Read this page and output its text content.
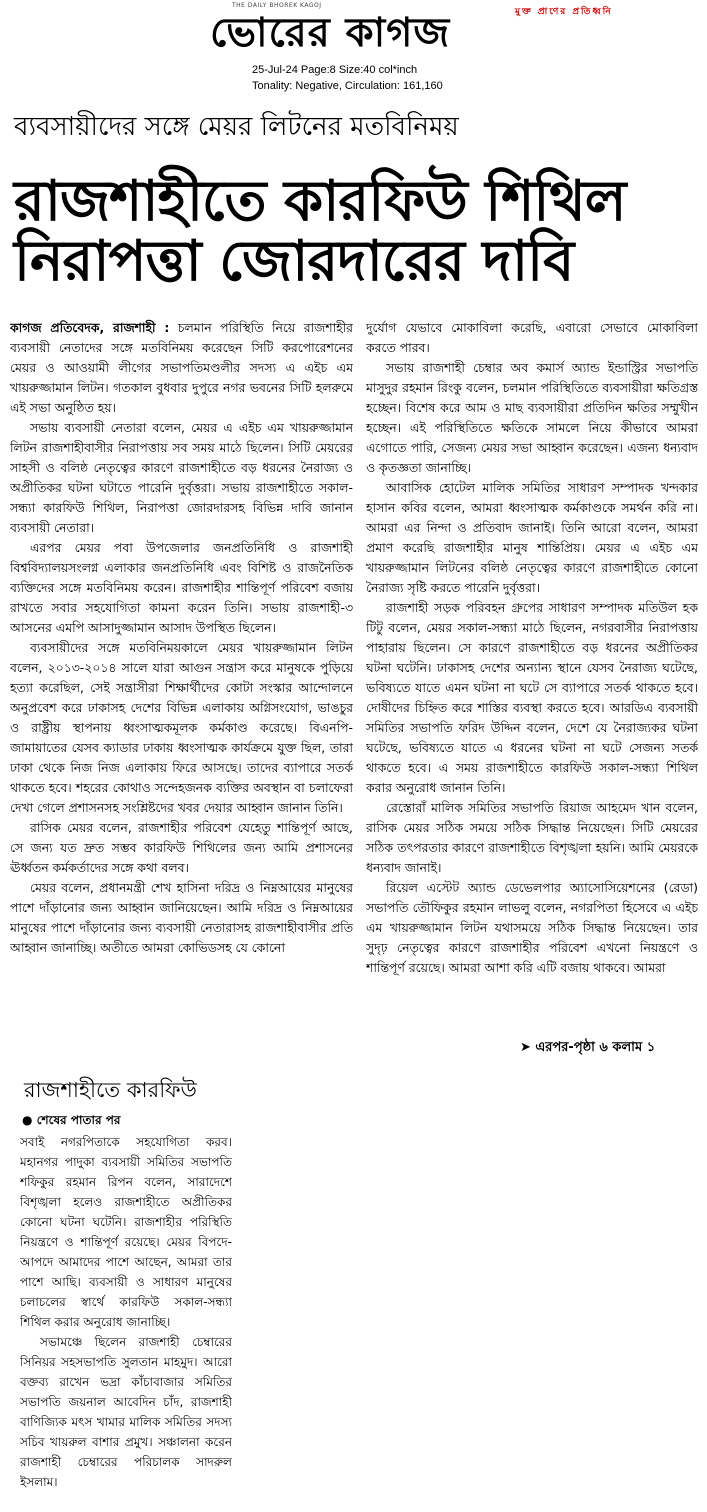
মুক্ত প্রাণের প্রতিধ্বনি
THE DAILY BHOREK KAGOJ
ভোরের কাগজ
25-Jul-24 Page:8 Size:40 col*inch
Tonality: Negative, Circulation: 161,160
ব্যবসায়ীদের সঙ্গে মেয়র লিটনের মতবিনিময়
রাজশাহীতে কারফিউ শিথিল
নিরাপত্তা জোরদারের দাবি

কাগজ প্রতিবেদক, রাজশাহী : চলমান পরিস্থিতি নিয়ে রাজশাহীর ব্যবসায়ী নেতাদের সঙ্গে মতবিনিময় করেছেন সিটি করপোরেশনের মেয়র ও আওয়ামী লীগের সভাপতিমণ্ডলীর সদস্য এ এইচ এম খায়রুজ্জামান লিটন। গতকাল বুধবার দুপুরে নগর ভবনের সিটি হলরুমে এই সভা অনুষ্ঠিত হয়।

সভায় ব্যবসায়ী নেতারা বলেন, মেয়র এ এইচ এম খায়রুজ্জামান লিটন রাজশাহীবাসীর নিরাপত্তায় সব সময় মাঠে ছিলেন। সিটি মেয়রের সাহসী ও বলিষ্ঠ নেতৃত্বের কারণে রাজশাহীতে বড় ধরনের নৈরাজ্য ও অপ্রীতিকর ঘটনা ঘটাতে পারেনি দুর্বৃত্তরা। সভায় রাজশাহীতে সকাল-সন্ধ্যা কারফিউ শিথিল, নিরাপত্তা জোরদারসহ বিভিন্ন দাবি জানান ব্যবসায়ী নেতারা।

এরপর মেয়র পবা উপজেলার জনপ্রতিনিধি ও রাজশাহী বিশ্ববিদ্যালয়সংলগ্ন এলাকার জনপ্রতিনিধি এবং বিশিষ্ট ও রাজনৈতিক ব্যক্তিদের সঙ্গে মতবিনিময় করেন। রাজশাহীর শান্তিপূর্ণ পরিবেশ বজায় রাখতে সবার সহযোগিতা কামনা করেন তিনি। সভায় রাজশাহী-৩ আসনের এমপি আসাদুজ্জামান আসাদ উপস্থিত ছিলেন।

ব্যবসায়ীদের সঙ্গে মতবিনিময়কালে মেয়র খায়রুজ্জামান লিটন বলেন, ২০১৩-২০১৪ সালে যারা আগুন সন্ত্রাস করে মানুষকে পুড়িয়ে হত্যা করেছিল, সেই সন্ত্রাসীরা শিক্ষার্থীদের কোটা সংস্কার আন্দোলনে অনুপ্রবেশ করে ঢাকাসহ দেশের বিভিন্ন এলাকায় অগ্নিসংযোগ, ভাঙচুর ও রাষ্ট্রীয় স্থাপনায় ধ্বংসাত্মকমূলক কর্মকাণ্ড করেছে। বিএনপি-জামায়াতের যেসব ক্যাডার ঢাকায় ধ্বংসাত্মক কার্যক্রমে যুক্ত ছিল, তারা ঢাকা থেকে নিজ নিজ এলাকায় ফিরে আসছে। তাদের ব্যাপারে সতর্ক থাকতে হবে। শহরের কোথাও সন্দেহজনক ব্যক্তির অবস্থান বা চলাফেরা দেখা গেলে প্রশাসনসহ সংশ্লিষ্টদের খবর দেয়ার আহ্বান জানান তিনি।

রাসিক মেয়র বলেন, রাজশাহীর পরিবেশ যেহেতু শান্তিপূর্ণ আছে, সে জন্য যত দ্রুত সম্ভব কারফিউ শিথিলের জন্য আমি প্রশাসনের ঊর্ধ্বতন কর্মকর্তাদের সঙ্গে কথা বলব।

মেয়র বলেন, প্রধানমন্ত্রী শেখ হাসিনা দরিদ্র ও নিম্নআয়ের মানুষের পাশে দাঁড়ানোর জন্য আহ্বান জানিয়েছেন। আমি দরিদ্র ও নিম্নআয়ের মানুষের পাশে দাঁড়ানোর জন্য ব্যবসায়ী নেতারাসহ রাজশাহীবাসীর প্রতি আহ্বান জানাচ্ছি। অতীতে আমরা কোভিডসহ যে কোনো

দুর্যোগ যেভাবে মোকাবিলা করেছি, এবারো সেভাবে মোকাবিলা করতে পারব।

সভায় রাজশাহী চেম্বার অব কমার্স অ্যান্ড ইন্ডাস্ট্রির সভাপতি মাসুদুর রহমান রিংকু বলেন, চলমান পরিস্থিতিতে ব্যবসায়ীরা ক্ষতিগ্রস্ত হচ্ছেন। বিশেষ করে আম ও মাছ ব্যবসায়ীরা প্রতিদিন ক্ষতির সম্মুখীন হচ্ছেন। এই পরিস্থিতিতে ক্ষতিকে সামলে নিয়ে কীভাবে আমরা এগোতে পারি, সেজন্য মেয়র সভা আহ্বান করেছেন। এজন্য ধন্যবাদ ও কৃতজ্ঞতা জানাচ্ছি।

আবাসিক হোটেল মালিক সমিতির সাধারণ সম্পাদক খন্দকার হাসান কবির বলেন, আমরা ধ্বংসাত্মক কর্মকাণ্ডকে সমর্থন করি না। আমরা এর নিন্দা ও প্রতিবাদ জানাই। তিনি আরো বলেন, আমরা প্রমাণ করেছি রাজশাহীর মানুষ শান্তিপ্রিয়। মেয়র এ এইচ এম খায়রুজ্জামান লিটনের বলিষ্ঠ নেতৃত্বের কারণে রাজশাহীতে কোনো নৈরাজ্য সৃষ্টি করতে পারেনি দুর্বৃত্তরা।

রাজশাহী সড়ক পরিবহন গ্রুপের সাধারণ সম্পাদক মতিউল হক টিটু বলেন, মেয়র সকাল-সন্ধ্যা মাঠে ছিলেন, নগরবাসীর নিরাপত্তায় পাহারায় ছিলেন। সে কারণে রাজশাহীতে বড় ধরনের অপ্রীতিকর ঘটনা ঘটেনি। ঢাকাসহ দেশের অন্যান্য স্থানে যেসব নৈরাজ্য ঘটেছে, ভবিষ্যতে যাতে এমন ঘটনা না ঘটে সে ব্যাপারে সতর্ক থাকতে হবে। দোষীদের চিহ্নিত করে শাস্তির ব্যবস্থা করতে হবে। আরডিএ ব্যবসায়ী সমিতির সভাপতি ফরিদ উদ্দিন বলেন, দেশে যে নৈরাজ্যকর ঘটনা ঘটেছে, ভবিষ্যতে যাতে এ ধরনের ঘটনা না ঘটে সেজন্য সতর্ক থাকতে হবে। এ সময় রাজশাহীতে কারফিউ সকাল-সন্ধ্যা শিথিল করার অনুরোধ জানান তিনি।

রেস্তোরাঁ মালিক সমিতির সভাপতি রিয়াজ আহমেদ খান বলেন, রাসিক মেয়র সঠিক সময়ে সঠিক সিদ্ধান্ত নিয়েছেন। সিটি মেয়রের সঠিক তৎপরতার কারণে রাজশাহীতে বিশৃঙ্খলা হয়নি। আমি মেয়রকে ধন্যবাদ জানাই।

রিয়েল এস্টেট অ্যান্ড ডেভেলপার অ্যাসোসিয়েশনের (রেডা) সভাপতি তৌফিকুর রহমান লাভলু বলেন, নগরপিতা হিসেবে এ এইচ এম খায়রুজ্জামান লিটন যথাসময়ে সঠিক সিদ্ধান্ত নিয়েছেন। তার সুদৃঢ় নেতৃত্বের কারণে রাজশাহীর পরিবেশ এখনো নিয়ন্ত্রণে ও শান্তিপূর্ণ রয়েছে। আমরা আশা করি এটি বজায় থাকবে। আমরা

➤ এরপর-পৃষ্ঠা ৬ কলাম ১
রাজশাহীতে কারফিউ
● শেষের পাতার পর

সবাই নগরপিতাকে সহযোগিতা করব। মহানগর পাদুকা ব্যবসায়ী সমিতির সভাপতি শফিকুর রহমান রিপন বলেন, সারাদেশে বিশৃঙ্খলা হলেও রাজশাহীতে অপ্রীতিকর কোনো ঘটনা ঘটেনি। রাজশাহীর পরিস্থিতি নিয়ন্ত্রণে ও শান্তিপূর্ণ রয়েছে। মেয়র বিপদে-আপদে আমাদের পাশে আছেন, আমরা তার পাশে আছি। ব্যবসায়ী ও সাধারণ মানুষের চলাচলের স্বার্থে কারফিউ সকাল-সন্ধ্যা শিথিল করার অনুরোধ জানাচ্ছি।

সভামঞ্চে ছিলেন রাজশাহী চেম্বারের সিনিয়র সহসভাপতি সুলতান মাহমুদ। আরো বক্তব্য রাখেন ভদ্রা কাঁচাবাজার সমিতির সভাপতি জয়নাল আবেদিন চাঁদ, রাজশাহী বাণিজ্যিক মৎস খামার মালিক সমিতির সদস্য সচিব খায়রুল বাশার প্রমুখ। সঞ্চালনা করেন রাজশাহী চেম্বারের পরিচালক সাদরুল ইসলাম।
